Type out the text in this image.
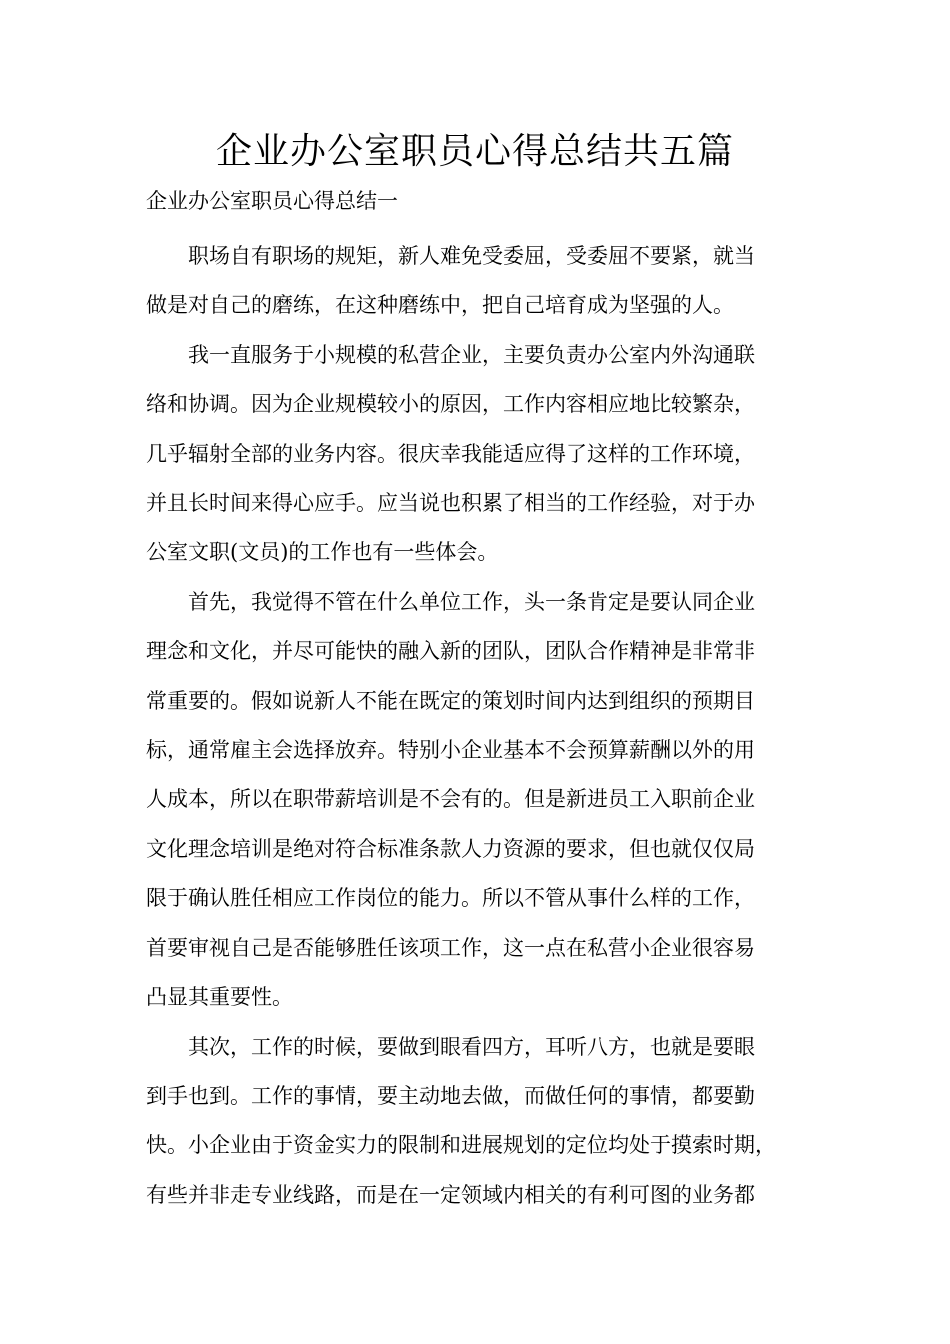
企业办公室职员心得总结共五篇

企业办公室职员心得总结一

　　职场自有职场的规矩，新人难免受委屈，受委屈不要紧，就当
做是对自己的磨练，在这种磨练中，把自己培育成为坚强的人。

　　我一直服务于小规模的私营企业，主要负责办公室内外沟通联
络和协调。因为企业规模较小的原因，工作内容相应地比较繁杂，
几乎辐射全部的业务内容。很庆幸我能适应得了这样的工作环境，
并且长时间来得心应手。应当说也积累了相当的工作经验，对于办
公室文职(文员)的工作也有一些体会。

　　首先，我觉得不管在什么单位工作，头一条肯定是要认同企业
理念和文化，并尽可能快的融入新的团队，团队合作精神是非常非
常重要的。假如说新人不能在既定的策划时间内达到组织的预期目
标，通常雇主会选择放弃。特别小企业基本不会预算薪酬以外的用
人成本，所以在职带薪培训是不会有的。但是新进员工入职前企业
文化理念培训是绝对符合标准条款人力资源的要求，但也就仅仅局
限于确认胜任相应工作岗位的能力。所以不管从事什么样的工作，
首要审视自己是否能够胜任该项工作，这一点在私营小企业很容易
凸显其重要性。

　　其次，工作的时候，要做到眼看四方，耳听八方，也就是要眼
到手也到。工作的事情，要主动地去做，而做任何的事情，都要勤
快。小企业由于资金实力的限制和进展规划的定位均处于摸索时期，
有些并非走专业线路，而是在一定领域内相关的有利可图的业务都
